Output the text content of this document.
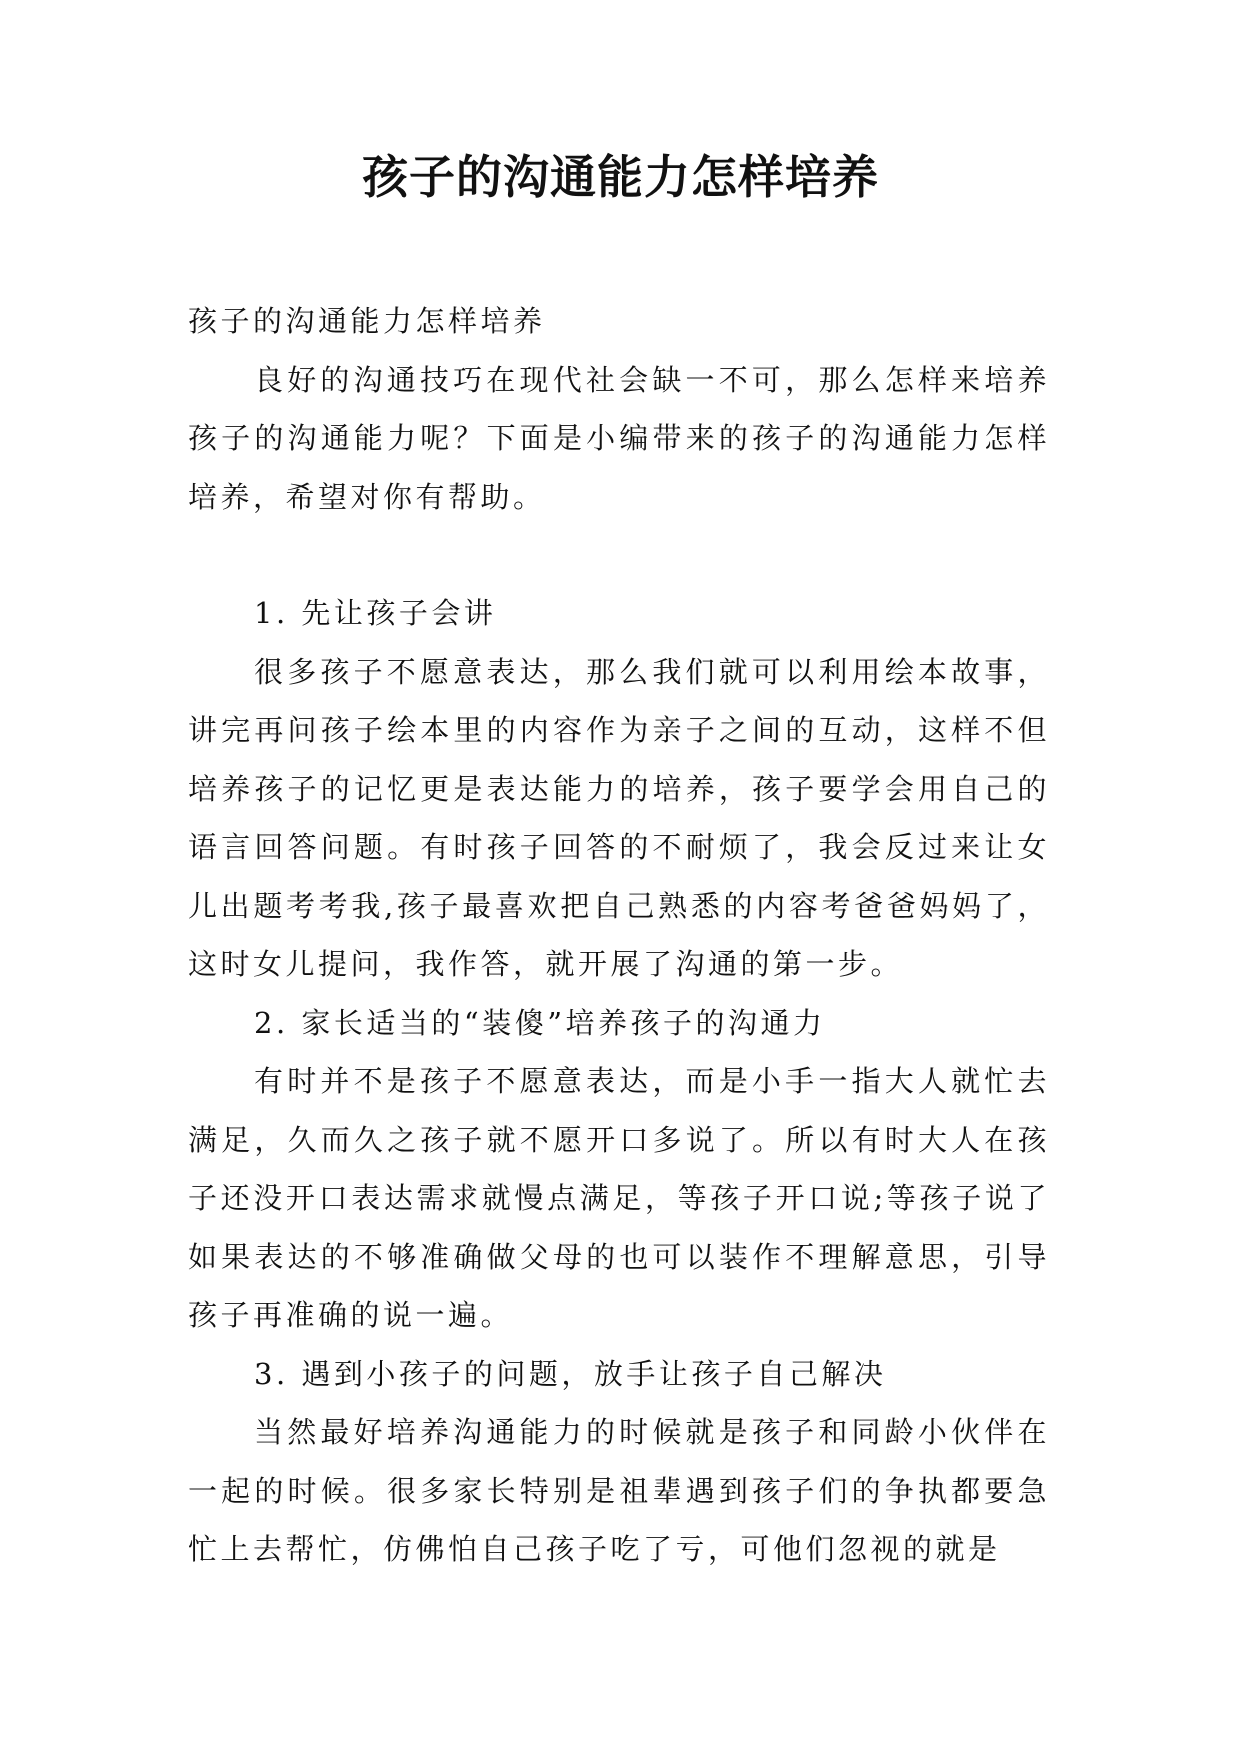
孩子的沟通能力怎样培养

孩子的沟通能力怎样培养

良好的沟通技巧在现代社会缺一不可，那么怎样来培养孩子的沟通能力呢？下面是小编带来的孩子的沟通能力怎样培养，希望对你有帮助。

1. 先让孩子会讲

很多孩子不愿意表达，那么我们就可以利用绘本故事，讲完再问孩子绘本里的内容作为亲子之间的互动，这样不但培养孩子的记忆更是表达能力的培养，孩子要学会用自己的语言回答问题。有时孩子回答的不耐烦了，我会反过来让女儿出题考考我,孩子最喜欢把自己熟悉的内容考爸爸妈妈了，这时女儿提问，我作答，就开展了沟通的第一步。

2. 家长适当的“装傻”培养孩子的沟通力

有时并不是孩子不愿意表达，而是小手一指大人就忙去满足，久而久之孩子就不愿开口多说了。所以有时大人在孩子还没开口表达需求就慢点满足，等孩子开口说;等孩子说了如果表达的不够准确做父母的也可以装作不理解意思，引导孩子再准确的说一遍。

3. 遇到小孩子的问题，放手让孩子自己解决

当然最好培养沟通能力的时候就是孩子和同龄小伙伴在一起的时候。很多家长特别是祖辈遇到孩子们的争执都要急忙上去帮忙，仿佛怕自己孩子吃了亏，可他们忽视的就是
